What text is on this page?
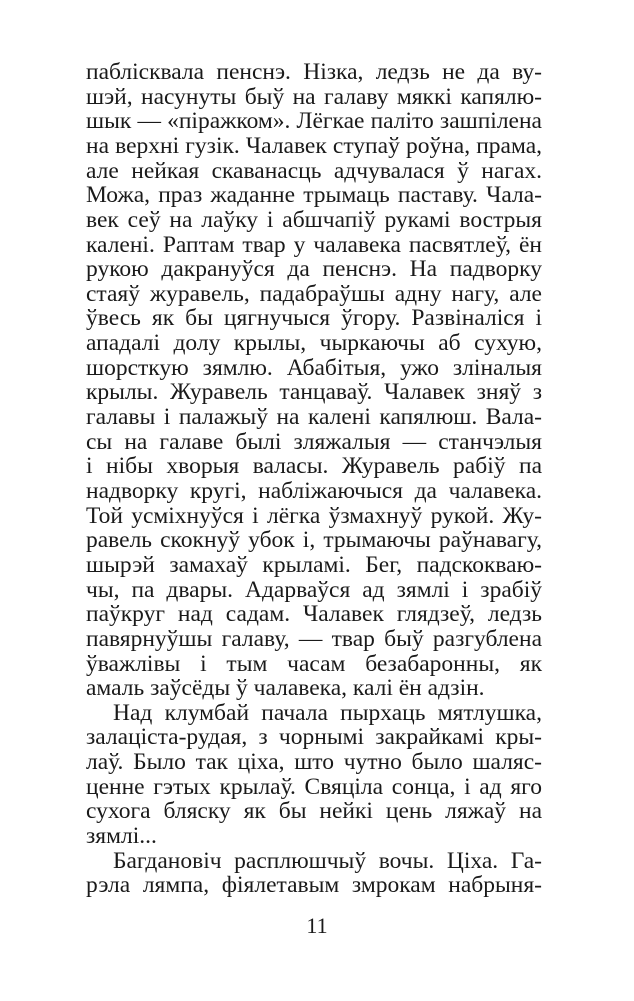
паблісквала пенснэ. Нізка, ледзь не да ву-
шэй, насунуты быў на галаву мяккі капялю-
шык — «піражком». Лёгкае паліто зашпілена
на верхні гузік. Чалавек ступаў роўна, прама,
але нейкая скаванасць адчувалася ў нагах.
Можа, праз жаданне трымаць паставу. Чала-
век сеў на лаўку і абшчапіў рукамі вострыя
калені. Раптам твар у чалавека пасвятлеў, ён
рукою дакрануўся да пенснэ. На падворку
стаяў журавель, падабраўшы адну нагу, але
ўвесь як бы цягнучыся ўгору. Развіналіся і
ападалі долу крылы, чыркаючы аб сухую,
шорсткую зямлю. Абабітыя, ужо зліналыя
крылы. Журавель танцаваў. Чалавек зняў з
галавы і палажыў на калені капялюш. Вала-
сы на галаве былі зляжалыя — станчэлыя
і нібы хворыя валасы. Журавель рабіў па
надворку кругі, набліжаючыся да чалавека.
Той усміхнуўся і лёгка ўзмахнуў рукой. Жу-
равель скокнуў убок і, трымаючы раўнавагу,
шырэй замахаў крыламі. Бег, падскокваю-
чы, па двары. Адарваўся ад зямлі і зрабіў
паўкруг над садам. Чалавек глядзеў, ледзь
павярнуўшы галаву, — твар быў разгублена
ўважлівы і тым часам безабаронны, як
амаль заўсёды ў чалавека, калі ён адзін.
Над клумбай пачала пырхаць мятлушка,
залацiста-рудая, з чорнымі закрайкамі кры-
лаў. Было так ціха, што чутно было шаляс-
ценне гэтых крылаў. Свяціла сонца, і ад яго
сухога бляску як бы нейкі цень ляжаў на
зямлі...
Багдановіч расплюшчыў вочы. Ціха. Га-
рэла лямпа, фіялетавым змрокам набрыня-
11
